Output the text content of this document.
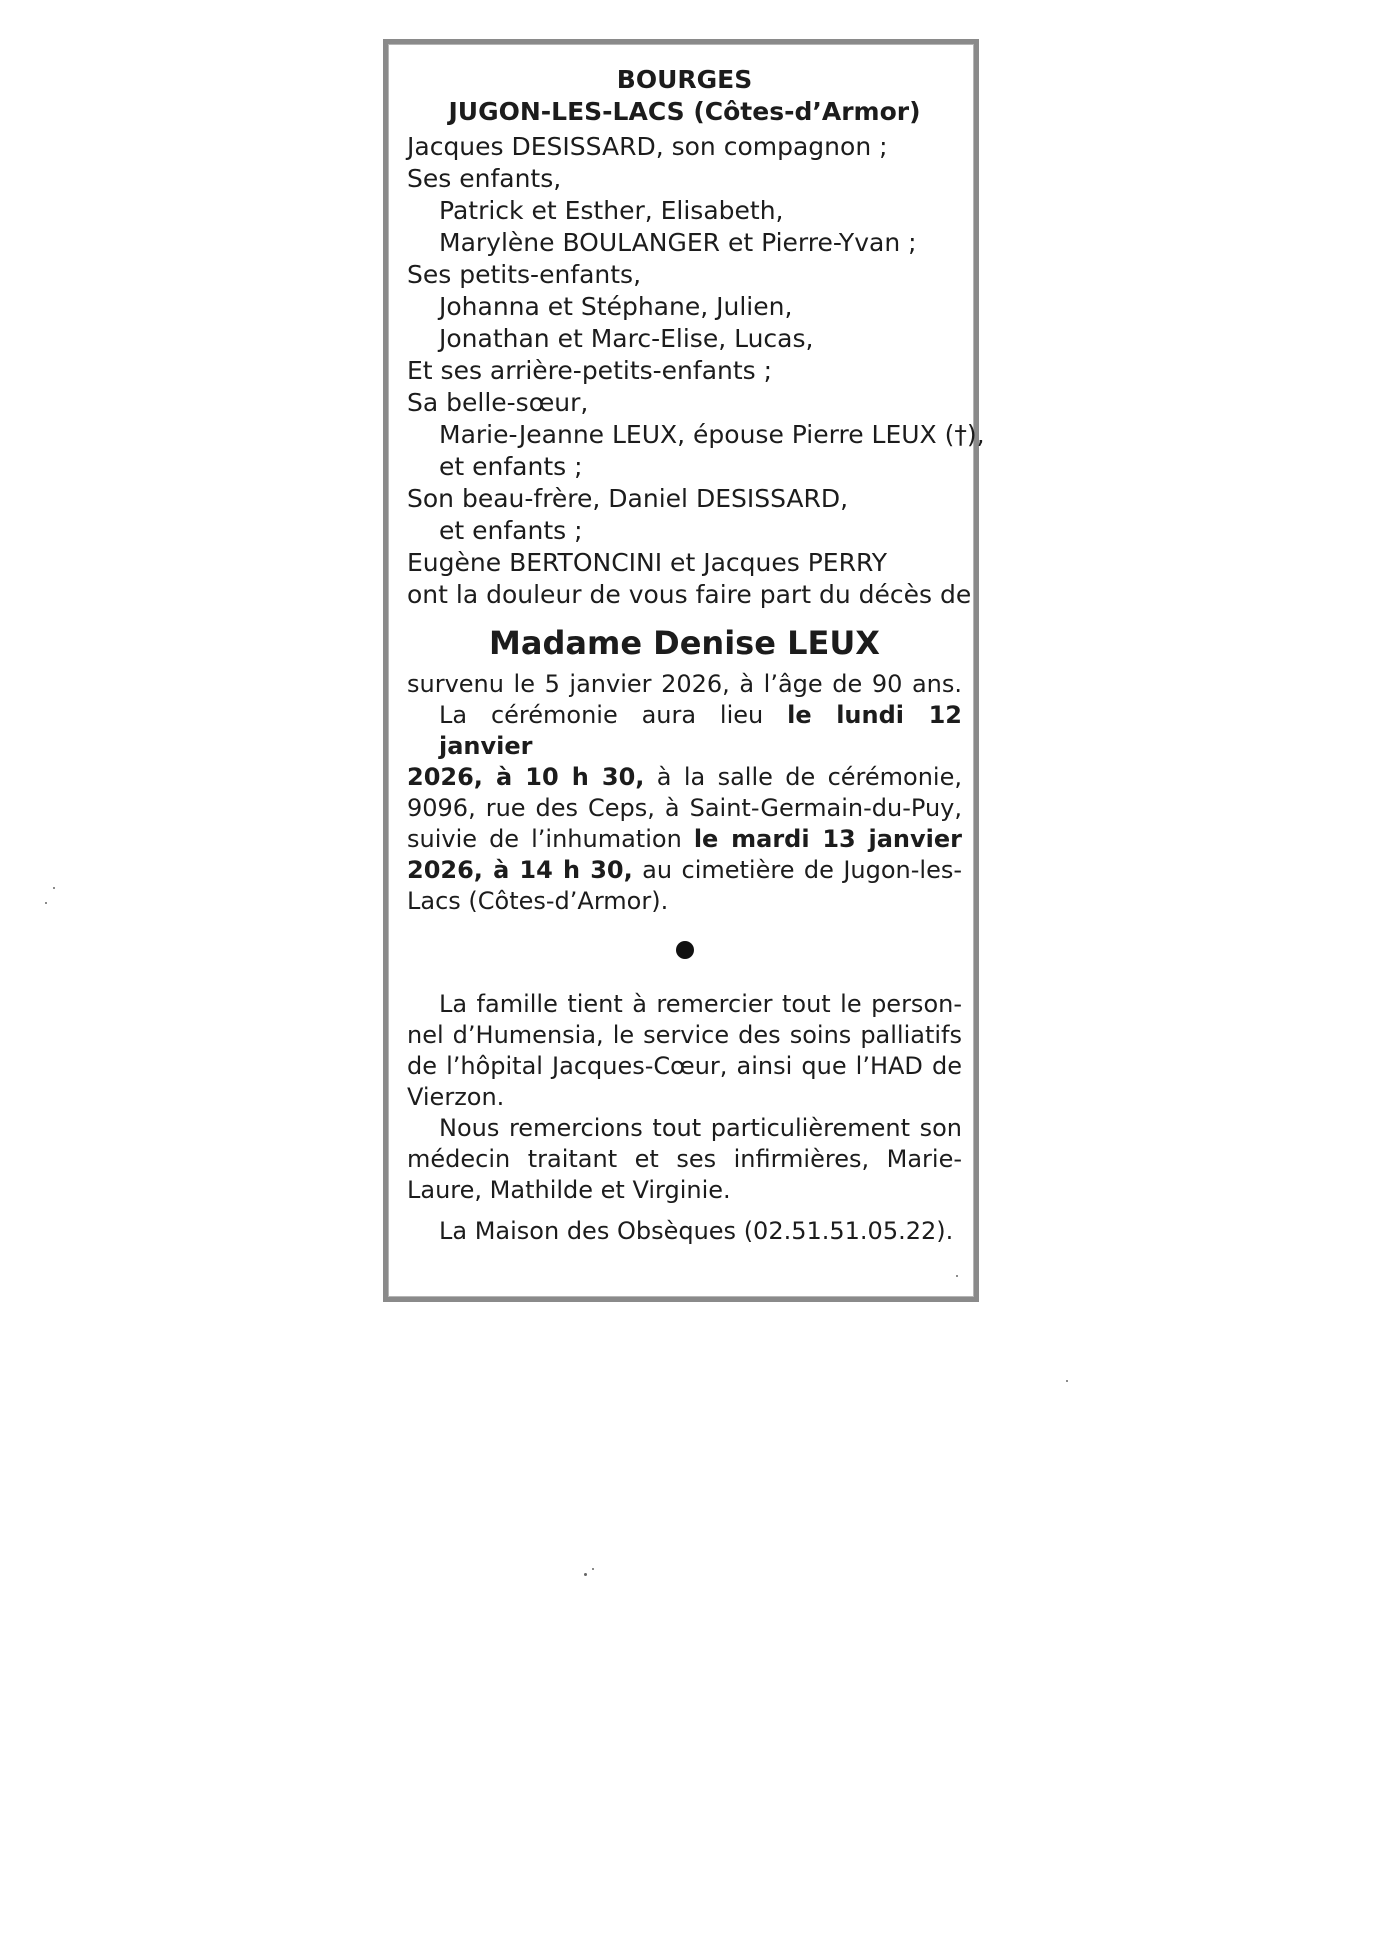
BOURGES
JUGON-LES-LACS (Côtes-d’Armor)
Jacques DESISSARD, son compagnon ;
Ses enfants,
Patrick et Esther, Elisabeth,
Marylène BOULANGER et Pierre-Yvan ;
Ses petits-enfants,
Johanna et Stéphane, Julien,
Jonathan et Marc-Elise, Lucas,
Et ses arrière-petits-enfants ;
Sa belle-sœur,
Marie-Jeanne LEUX, épouse Pierre LEUX (†),
et enfants ;
Son beau-frère, Daniel DESISSARD,
et enfants ;
Eugène BERTONCINI et Jacques PERRY
ont la douleur de vous faire part du décès de
Madame Denise LEUX
survenu le 5 janvier 2026, à l’âge de 90 ans.
La cérémonie aura lieu le lundi 12 janvier
2026, à 10 h 30, à la salle de cérémonie,
9096, rue des Ceps, à Saint-Germain-du-Puy,
suivie de l’inhumation le mardi 13 janvier
2026, à 14 h 30, au cimetière de Jugon-les-
Lacs (Côtes-d’Armor).
La famille tient à remercier tout le person-
nel d’Humensia, le service des soins palliatifs
de l’hôpital Jacques-Cœur, ainsi que l’HAD de
Vierzon.
Nous remercions tout particulièrement son
médecin traitant et ses infirmières, Marie-
Laure, Mathilde et Virginie.
La Maison des Obsèques (02.51.51.05.22).
